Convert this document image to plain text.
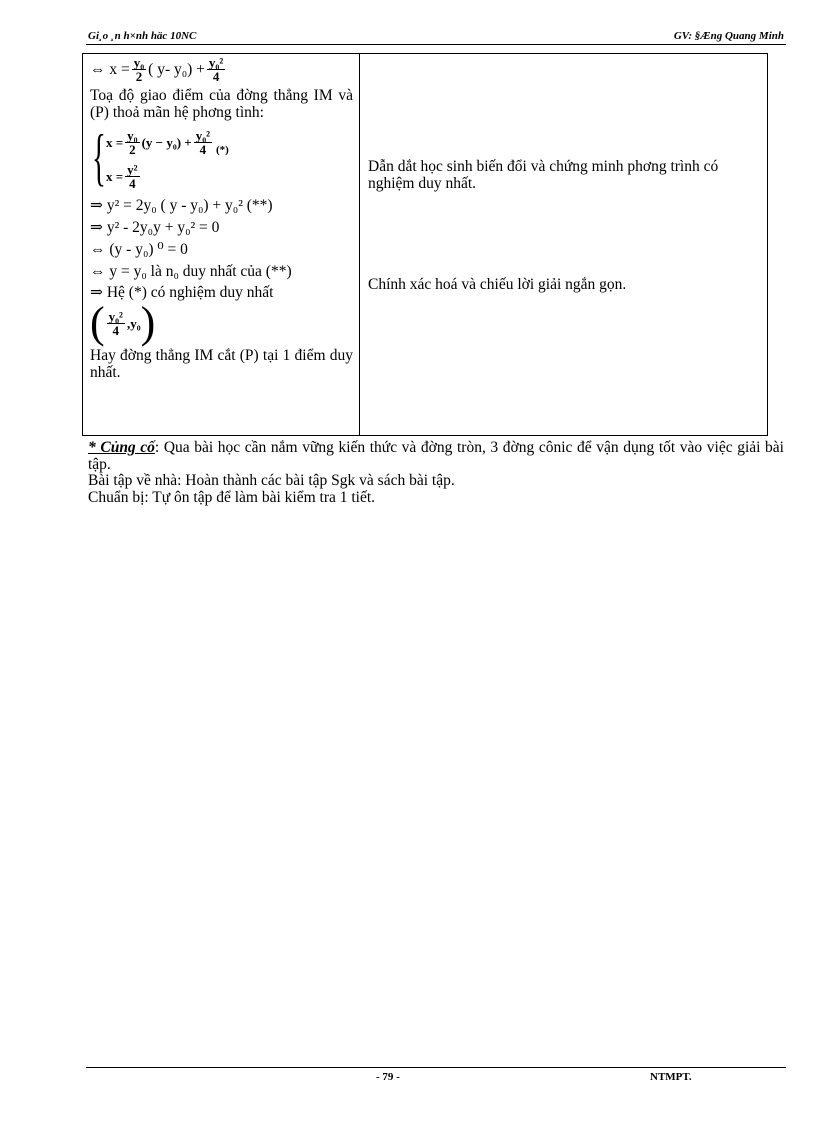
Gi¸o ¸n h×nh häc 10NC	GV: §Æng Quang Minh
⇔ $x = \frac{\text{y₀}}{2}$ ( y- $y_0) + \frac{\text{y₀²}}{4}$
Toạ độ giao điểm của đờng thẳng IM và (P) thoả mãn hệ phơng tình:
{ $x = \frac{\text{y₀}}{2} (y - y_0) + \frac{\text{y₀²}}{4}$ (*)
$x = \frac{\text{y²}}{4}$
⇒ y² = 2y₀ ( y - y₀) + y₀² (**)
⇒ y² - 2y₀y + y₀² = 0
⇔ (y - y₀) ⁰ = 0
⇔ y = y₀ là n₀ duy nhất của (**)
⇒ Hệ (*) có nghiệm duy nhất
( $\frac{\text{y₀²}}{4} ,y_0$ )
Hay đờng thẳng IM cắt (P) tại 1 điểm duy nhất.
Dẫn dắt học sinh biến đổi và chứng minh phơng trình có nghiệm duy nhất.
Chính xác hoá và chiếu lời giải ngắn gọn.
* Củng cố: Qua bài học cần nắm vững kiến thức và đờng tròn, 3 đờng cônic để vận dụng tốt vào việc giải bài tập.
Bài tập về nhà: Hoàn thành các bài tập Sgk và sách bài tập.
Chuẩn bị: Tự ôn tập để làm bài kiểm tra 1 tiết.
- 79 -	NTMPT.
